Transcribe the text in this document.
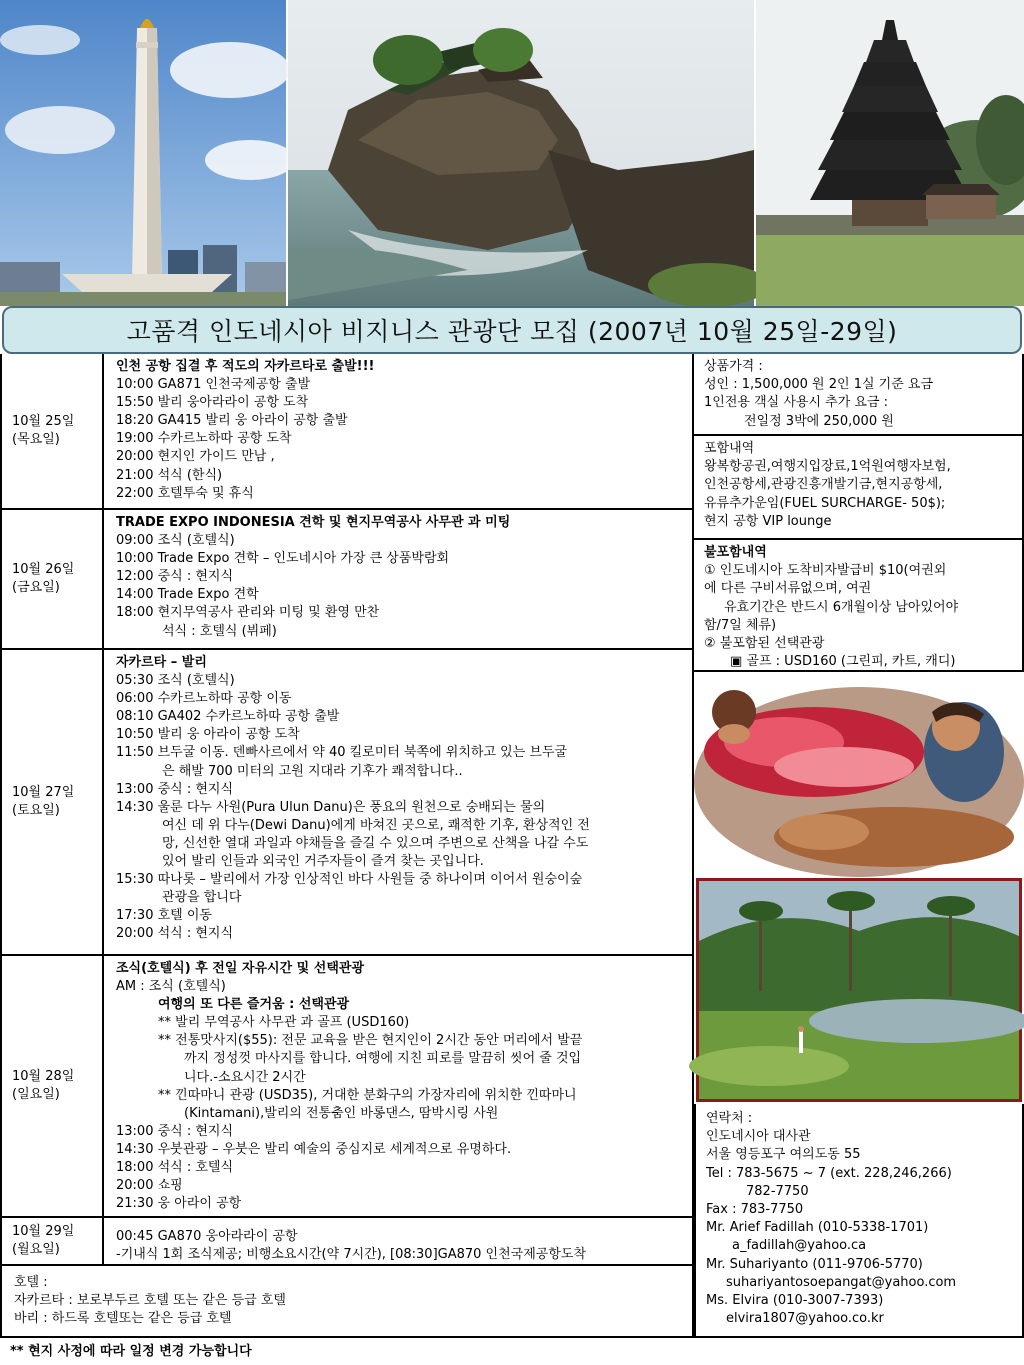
고품격 인도네시아 비지니스 관광단 모집 (2007년 10월 25일-29일)
10월 25일
(목요일)
인천 공항 집결 후 적도의 자카르타로 출발!!!
10:00 GA871 인천국제공항 출발
15:50 발리 웅아라라이 공항 도착
18:20 GA415 발리 웅 아라이 공항 출발
19:00 수카르노하따 공항 도착
20:00 현지인 가이드 만남 ,
21:00 석식 (한식)
22:00 호텔투숙 및 휴식
10월 26일
(금요일)
TRADE EXPO INDONESIA 견학 및 현지무역공사 사무관 과 미팅
09:00 조식 (호텔식)
10:00 Trade Expo 견학 – 인도네시아 가장 큰 상품박람회
12:00 중식 : 현지식
14:00 Trade Expo 견학
18:00 현지무역공사 관리와 미팅 및 환영 만찬
석식 : 호텔식 (뷔페)
10월 27일
(토요일)
자카르타 – 발리
05:30 조식 (호텔식)
06:00 수카르노하따 공항 이동
08:10 GA402 수카르노하따 공항 출발
10:50 발리 웅 아라이 공항 도착
11:50 브두굴 이동. 덴빠사르에서 약 40 킬로미터 북쪽에 위치하고 있는 브두굴
은 해발 700 미터의 고원 지대라 기후가 쾌적합니다..
13:00 중식 : 현지식
14:30 울룬 다누 사원(Pura Ulun Danu)은 풍요의 원천으로 숭배되는 물의
여신 데 위 다누(Dewi Danu)에게 바쳐진 곳으로, 쾌적한 기후, 환상적인 전
망, 신선한 열대 과일과 야채들을 즐길 수 있으며 주변으로 산책을 나갈 수도
있어 발리 인들과 외국인 거주자들이 즐겨 찾는 곳입니다.
15:30 따나롯 – 발리에서 가장 인상적인 바다 사원들 중 하나이며 이어서 원숭이숲
관광을 합니다
17:30 호텔 이동
20:00 석식 : 현지식
10월 28일
(일요일)
조식(호텔식) 후 전일 자유시간 및 선택관광
AM : 조식 (호텔식)
여행의 또 다른 즐거움 : 선택관광
** 발리 무역공사 사무관 과 골프 (USD160)
** 전통맛사지($55): 전문 교육을 받은 현지인이 2시간 동안 머리에서 발끝
까지 정성껏 마사지를 합니다. 여행에 지친 피로를 말끔히 씻어 줄 것입
니다.-소요시간 2시간
** 낀따마니 관광 (USD35), 거대한 분화구의 가장자리에 위치한 낀따마니
(Kintamani),발리의 전통춤인 바롱댄스, 땀박시링 사원
13:00 중식 : 현지식
14:30 우붓관광 – 우붓은 발리 예술의 중심지로 세계적으로 유명하다.
18:00 석식 : 호텔식
20:00 쇼핑
21:30 웅 아라이 공항
10월 29일
(월요일)
00:45 GA870 웅아라라이 공항
-기내식 1회 조식제공; 비행소요시간(약 7시간), [08:30]GA870 인천국제공항도착
호텔 :
자카르타 : 보로부두르 호텔 또는 같은 등급 호텔
바리 : 하드록 호텔또는 같은 등급 호텔
** 현지 사정에 따라 일정 변경 가능합니다
상품가격 :
성인 : 1,500,000 원 2인 1실 기준 요금
1인전용 객실 사용시 추가 요금 :
전일정 3박에 250,000 원
포함내역
왕복항공권,여행지입장료,1억원여행자보험,
인천공항세,관광진흥개발기금,현지공항세,
유류추가운임(FUEL SURCHARGE- 50$);
현지 공항 VIP lounge
불포함내역
① 인도네시아 도착비자발급비 $10(여권외
에 다른 구비서류없으며, 여권
유효기간은 반드시 6개월이상 남아있어야
함/7일 체류)
② 불포함된 선택관광
▣ 골프 : USD160 (그린피, 카트, 캐디)
연락처 :
인도네시아 대사관
서울 영등포구 여의도동 55
Tel : 783-5675 ~ 7 (ext. 228,246,266)
782-7750
Fax : 783-7750
Mr. Arief Fadillah (010-5338-1701)
a_fadillah@yahoo.ca
Mr. Suhariyanto (011-9706-5770)
suhariyantosoepangat@yahoo.com
Ms. Elvira (010-3007-7393)
elvira1807@yahoo.co.kr
